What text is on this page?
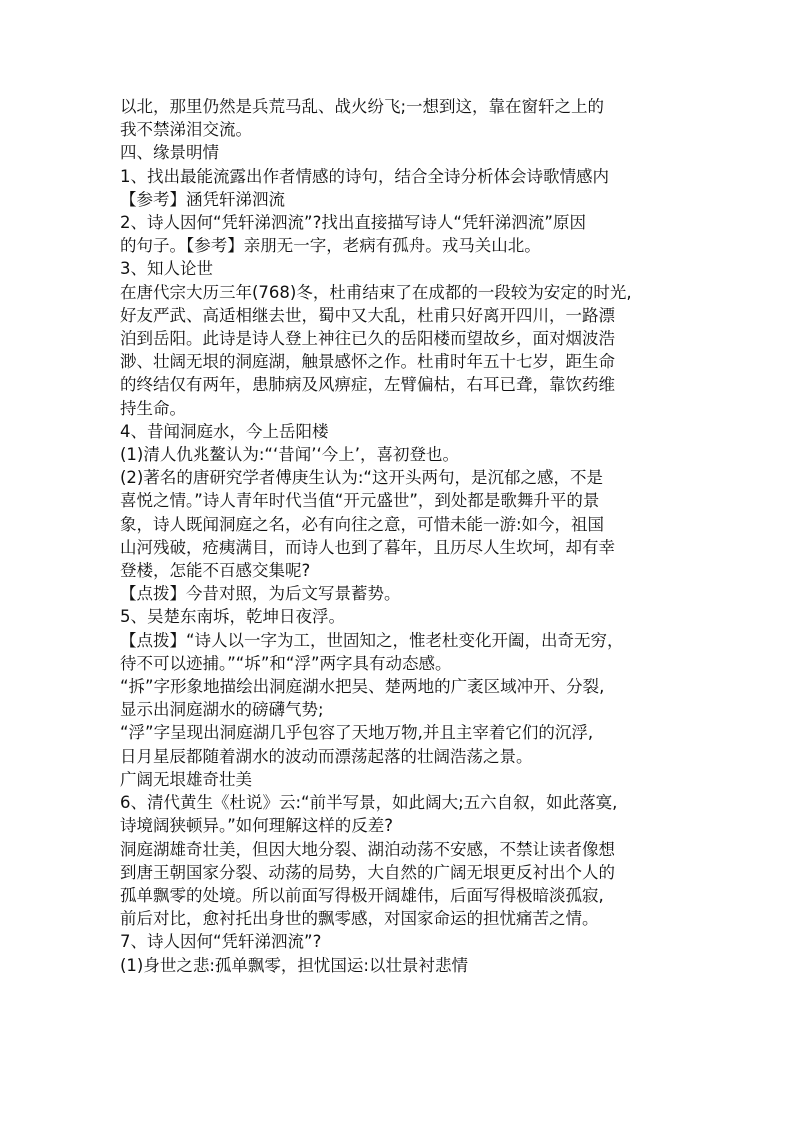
以北，那里仍然是兵荒马乱、战火纷飞;一想到这，靠在窗轩之上的
我不禁涕泪交流。
四、缘景明情
1、找出最能流露出作者情感的诗句，结合全诗分析体会诗歌情感内
【参考】涵凭轩涕泗流
2、诗人因何“凭轩涕泗流”?找出直接描写诗人“凭轩涕泗流”原因
的句子。【参考】亲朋无一字，老病有孤舟。戎马关山北。
3、知人论世
在唐代宗大历三年(768)冬，杜甫结束了在成都的一段较为安定的时光,
好友严武、高适相继去世，蜀中又大乱，杜甫只好离开四川，一路漂
泊到岳阳。此诗是诗人登上神往已久的岳阳楼而望故乡，面对烟波浩
渺、壮阔无垠的洞庭湖，触景感怀之作。杜甫时年五十七岁，距生命
的终结仅有两年，患肺病及风痹症，左臂偏枯，右耳已聋，靠饮药维
持生命。
4、昔闻洞庭水，今上岳阳楼
(1)清人仇兆鳌认为:“‘昔闻’‘今上’，喜初登也。
(2)著名的唐研究学者傅庚生认为:“这开头两句，是沉郁之感，不是
喜悦之情。”诗人青年时代当值“开元盛世”，到处都是歌舞升平的景
象，诗人既闻洞庭之名，必有向往之意，可惜未能一游:如今，祖国
山河残破，疮痍满目，而诗人也到了暮年，且历尽人生坎坷，却有幸
登楼，怎能不百感交集呢?
【点拨】今昔对照，为后文写景蓄势。
5、吴楚东南坼，乾坤日夜浮。
【点拨】“诗人以一字为工，世固知之，惟老杜变化开阖，出奇无穷，
待不可以迹捕。”“坼”和“浮”两字具有动态感。
“拆”字形象地描绘出洞庭湖水把吴、楚两地的广袤区域冲开、分裂,
显示出洞庭湖水的磅礴气势;
“浮”字呈现出洞庭湖几乎包容了天地万物,并且主宰着它们的沉浮,
日月星辰都随着湖水的波动而漂荡起落的壮阔浩荡之景。
广阔无垠雄奇壮美
6、清代黄生《杜说》云:“前半写景，如此阔大;五六自叙，如此落寞,
诗境阔狭顿异。”如何理解这样的反差?
洞庭湖雄奇壮美，但因大地分裂、湖泊动荡不安感，不禁让读者像想
到唐王朝国家分裂、动荡的局势，大自然的广阔无垠更反衬出个人的
孤单飘零的处境。所以前面写得极开阔雄伟，后面写得极暗淡孤寂,
前后对比，愈衬托出身世的飘零感，对国家命运的担忧痛苦之情。
7、诗人因何“凭轩涕泗流”?
(1)身世之悲:孤单飘零，担忧国运:以壮景衬悲情
